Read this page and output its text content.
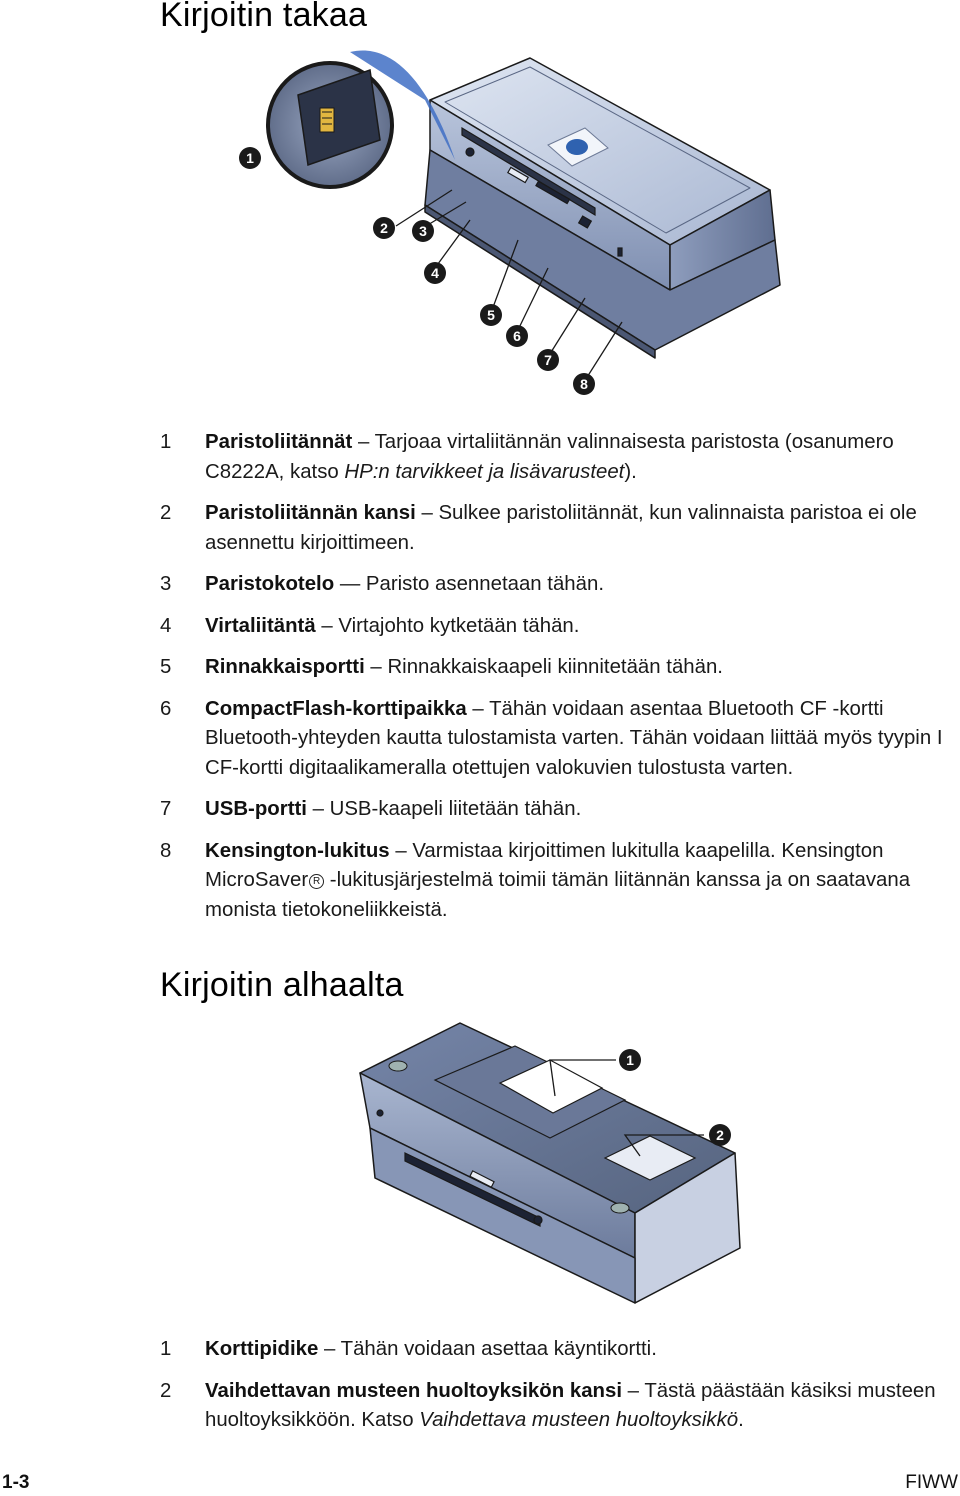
Kirjoitin takaa
1
2 3
4
5
6
7
8
1 Paristoliitännät – Tarjoaa virtaliitännän valinnaisesta paristosta (osanumero C8222A, katso HP:n tarvikkeet ja lisävarusteet).
2 Paristoliitännän kansi – Sulkee paristoliitännät, kun valinnaista paristoa ei ole asennettu kirjoittimeen.
3 Paristokotelo — Paristo asennetaan tähän.
4 Virtaliitäntä – Virtajohto kytketään tähän.
5 Rinnakkaisportti – Rinnakkaiskaapeli kiinnitetään tähän.
6 CompactFlash-korttipaikka – Tähän voidaan asentaa Bluetooth CF -kortti Bluetooth-yhteyden kautta tulostamista varten. Tähän voidaan liittää myös tyypin I CF-kortti digitaalikameralla otettujen valokuvien tulostusta varten.
7 USB-portti – USB-kaapeli liitetään tähän.
8 Kensington-lukitus – Varmistaa kirjoittimen lukitulla kaapelilla. Kensington MicroSaver R -lukitusjärjestelmä toimii tämän liitännän kanssa ja on saatavana monista tietokoneliikkeistä.
Kirjoitin alhaalta
1
2
1 Korttipidike – Tähän voidaan asettaa käyntikortti.
2 Vaihdettavan musteen huoltoyksikön kansi – Tästä päästään käsiksi musteen huoltoyksikköön. Katso Vaihdettava musteen huoltoyksikkö.
1-3	FIWW
